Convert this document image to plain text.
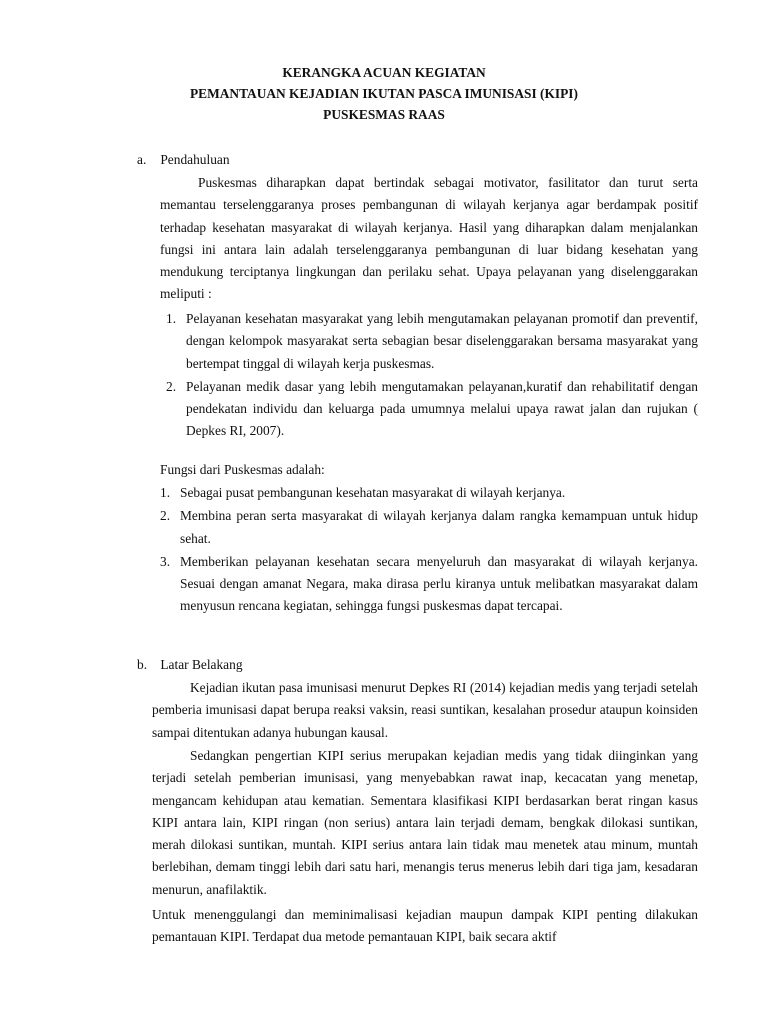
KERANGKA ACUAN KEGIATAN
PEMANTAUAN KEJADIAN IKUTAN PASCA IMUNISASI (KIPI)
PUSKESMAS RAAS
a. Pendahuluan

Puskesmas diharapkan dapat bertindak sebagai motivator, fasilitator dan turut serta memantau terselenggaranya proses pembangunan di wilayah kerjanya agar berdampak positif terhadap kesehatan masyarakat di wilayah kerjanya. Hasil yang diharapkan dalam menjalankan fungsi ini antara lain adalah terselenggaranya pembangunan di luar bidang kesehatan yang mendukung terciptanya lingkungan dan perilaku sehat. Upaya pelayanan yang diselenggarakan meliputi :

1. Pelayanan kesehatan masyarakat yang lebih mengutamakan pelayanan promotif dan preventif, dengan kelompok masyarakat serta sebagian besar diselenggarakan bersama masyarakat yang bertempat tinggal di wilayah kerja puskesmas.
2. Pelayanan medik dasar yang lebih mengutamakan pelayanan,kuratif dan rehabilitatif dengan pendekatan individu dan keluarga pada umumnya melalui upaya rawat jalan dan rujukan ( Depkes RI, 2007).
Fungsi dari Puskesmas adalah:
1. Sebagai pusat pembangunan kesehatan masyarakat di wilayah kerjanya.
2. Membina peran serta masyarakat di wilayah kerjanya dalam rangka kemampuan untuk hidup sehat.
3. Memberikan pelayanan kesehatan secara menyeluruh dan masyarakat di wilayah kerjanya. Sesuai dengan amanat Negara, maka dirasa perlu kiranya untuk melibatkan masyarakat dalam menyusun rencana kegiatan, sehingga fungsi puskesmas dapat tercapai.
b. Latar Belakang

Kejadian ikutan pasa imunisasi menurut Depkes RI (2014) kejadian medis yang terjadi setelah pemberia imunisasi dapat berupa reaksi vaksin, reasi suntikan, kesalahan prosedur ataupun koinsiden sampai ditentukan adanya hubungan kausal.

Sedangkan pengertian KIPI serius merupakan kejadian medis yang tidak diinginkan yang terjadi setelah pemberian imunisasi, yang menyebabkan rawat inap, kecacatan yang menetap, mengancam kehidupan atau kematian. Sementara klasifikasi KIPI berdasarkan berat ringan kasus KIPI antara lain, KIPI ringan (non serius) antara lain terjadi demam, bengkak dilokasi suntikan, merah dilokasi suntikan, muntah. KIPI serius antara lain tidak mau menetek atau minum, muntah berlebihan, demam tinggi lebih dari satu hari, menangis terus menerus lebih dari tiga jam, kesadaran menurun, anafilaktik.

Untuk menenggulangi dan meminimalisasi kejadian maupun dampak KIPI penting dilakukan pemantauan KIPI. Terdapat dua metode pemantauan KIPI, baik secara aktif
